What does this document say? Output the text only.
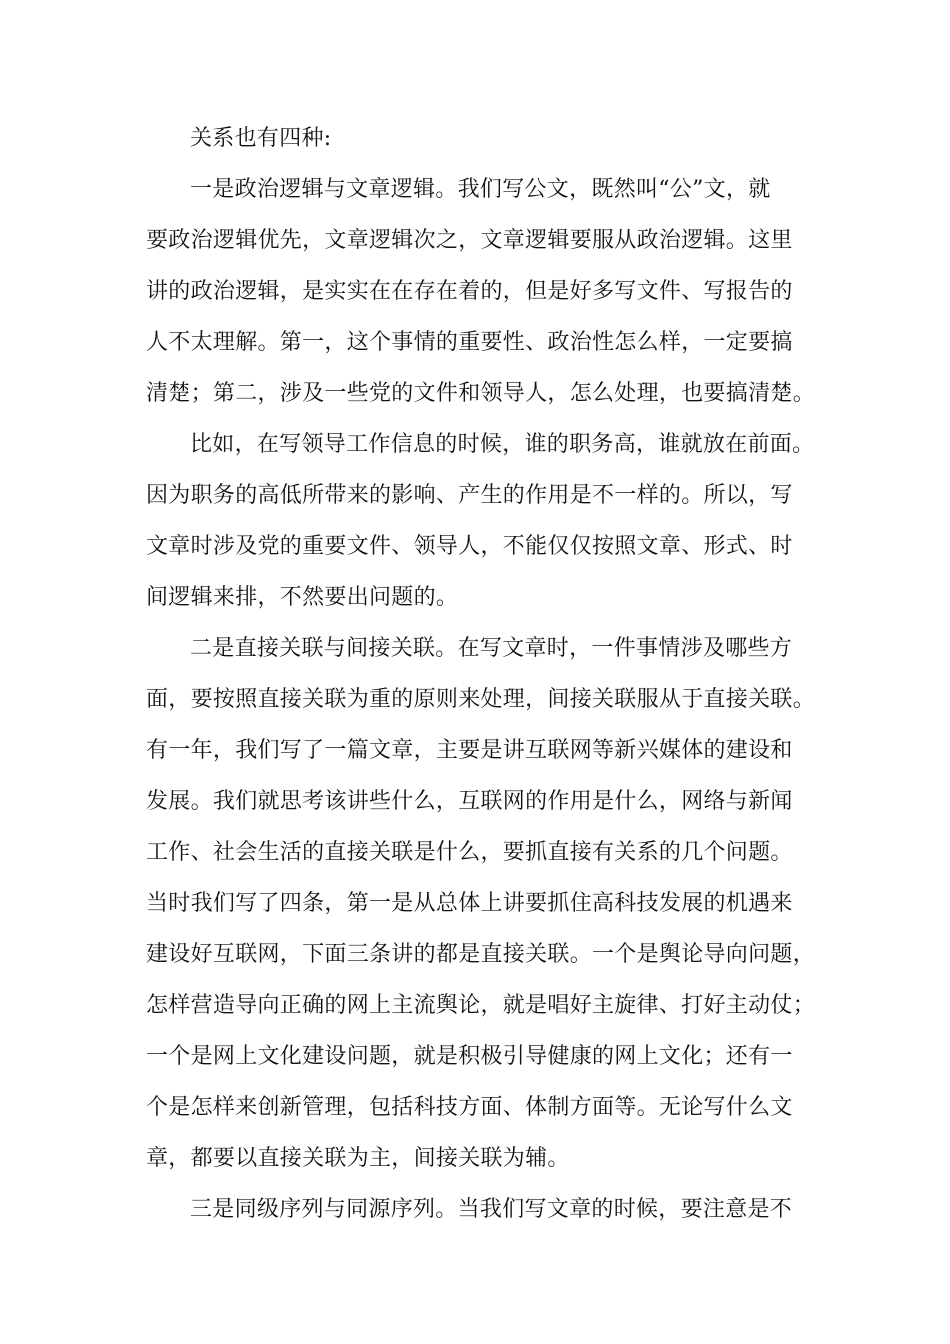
关系也有四种:
一是政治逻辑与文章逻辑。我们写公文，既然叫“公”文，就
要政治逻辑优先，文章逻辑次之，文章逻辑要服从政治逻辑。这里
讲的政治逻辑，是实实在在存在着的，但是好多写文件、写报告的
人不太理解。第一，这个事情的重要性、政治性怎么样，一定要搞
清楚；第二，涉及一些党的文件和领导人，怎么处理，也要搞清楚。
比如，在写领导工作信息的时候，谁的职务高，谁就放在前面。
因为职务的高低所带来的影响、产生的作用是不一样的。所以，写
文章时涉及党的重要文件、领导人，不能仅仅按照文章、形式、时
间逻辑来排，不然要出问题的。
二是直接关联与间接关联。在写文章时，一件事情涉及哪些方
面，要按照直接关联为重的原则来处理，间接关联服从于直接关联。
有一年，我们写了一篇文章，主要是讲互联网等新兴媒体的建设和
发展。我们就思考该讲些什么，互联网的作用是什么，网络与新闻
工作、社会生活的直接关联是什么，要抓直接有关系的几个问题。
当时我们写了四条，第一是从总体上讲要抓住高科技发展的机遇来
建设好互联网，下面三条讲的都是直接关联。一个是舆论导向问题，
怎样营造导向正确的网上主流舆论，就是唱好主旋律、打好主动仗；
一个是网上文化建设问题，就是积极引导健康的网上文化；还有一
个是怎样来创新管理，包括科技方面、体制方面等。无论写什么文
章，都要以直接关联为主，间接关联为辅。
三是同级序列与同源序列。当我们写文章的时候，要注意是不
